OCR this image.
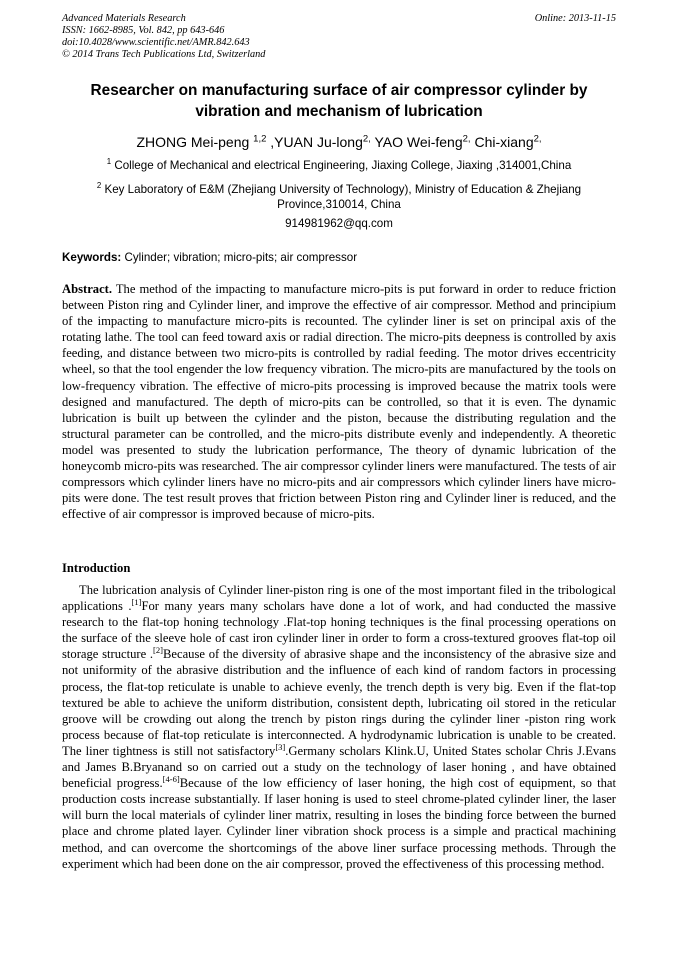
Advanced Materials Research
ISSN: 1662-8985, Vol. 842, pp 643-646
doi:10.4028/www.scientific.net/AMR.842.643
© 2014 Trans Tech Publications Ltd, Switzerland
Online: 2013-11-15
Researcher on manufacturing surface of air compressor cylinder by vibration and mechanism of lubrication
ZHONG Mei-peng $^{1,2}$ ,YUAN Ju-long$^{2,}$ YAO Wei-feng$^{2,}$ Chi-xiang$^{2,}$
$^1$ College of Mechanical and electrical Engineering, Jiaxing College, Jiaxing ,314001,China
$^2$ Key Laboratory of E&M (Zhejiang University of Technology), Ministry of Education & Zhejiang
Province,310014, China
914981962@qq.com
Keywords: Cylinder; vibration; micro-pits; air compressor
Abstract. The method of the impacting to manufacture micro-pits is put forward in order to reduce friction between Piston ring and Cylinder liner, and improve the effective of air compressor. Method and principium of the impacting to manufacture micro-pits is recounted. The cylinder liner is set on principal axis of the rotating lathe. The tool can feed toward axis or radial direction. The micro-pits deepness is controlled by axis feeding, and distance between two micro-pits is controlled by radial feeding. The motor drives eccentricity wheel, so that the tool engender the low frequency vibration. The micro-pits are manufactured by the tools on low-frequency vibration. The effective of micro-pits processing is improved because the matrix tools were designed and manufactured. The depth of micro-pits can be controlled, so that it is even. The dynamic lubrication is built up between the cylinder and the piston, because the distributing regulation and the structural parameter can be controlled, and the micro-pits distribute evenly and independently. A theoretic model was presented to study the lubrication performance, The theory of dynamic lubrication of the honeycomb micro-pits was researched. The air compressor cylinder liners were manufactured. The tests of air compressors which cylinder liners have no micro-pits and air compressors which cylinder liners have micro-pits were done. The test result proves that friction between Piston ring and Cylinder liner is reduced, and the effective of air compressor is improved because of micro-pits.
Introduction
The lubrication analysis of Cylinder liner-piston ring is one of the most important filed in the tribological applications .[1]For many years many scholars have done a lot of work, and had conducted the massive research to the flat-top honing technology .Flat-top honing techniques is the final processing operations on the surface of the sleeve hole of cast iron cylinder liner in order to form a cross-textured grooves flat-top oil storage structure .[2]Because of the diversity of abrasive shape and the inconsistency of the abrasive size and not uniformity of the abrasive distribution and the influence of each kind of random factors in processing process, the flat-top reticulate is unable to achieve evenly, the trench depth is very big. Even if the flat-top textured be able to achieve the uniform distribution, consistent depth, lubricating oil stored in the reticular groove will be crowding out along the trench by piston rings during the cylinder liner -piston ring work process because of flat-top reticulate is interconnected. A hydrodynamic lubrication is unable to be created. The liner tightness is still not satisfactory[3].Germany scholars Klink.U, United States scholar Chris J.Evans and James B.Bryanand so on carried out a study on the technology of laser honing , and have obtained beneficial progress.[4-6]Because of the low efficiency of laser honing, the high cost of equipment, so that production costs increase substantially. If laser honing is used to steel chrome-plated cylinder liner, the laser will burn the local materials of cylinder liner matrix, resulting in loses the binding force between the burned place and chrome plated layer. Cylinder liner vibration shock process is a simple and practical machining method, and can overcome the shortcomings of the above liner surface processing methods. Through the experiment which had been done on the air compressor, proved the effectiveness of this processing method.
